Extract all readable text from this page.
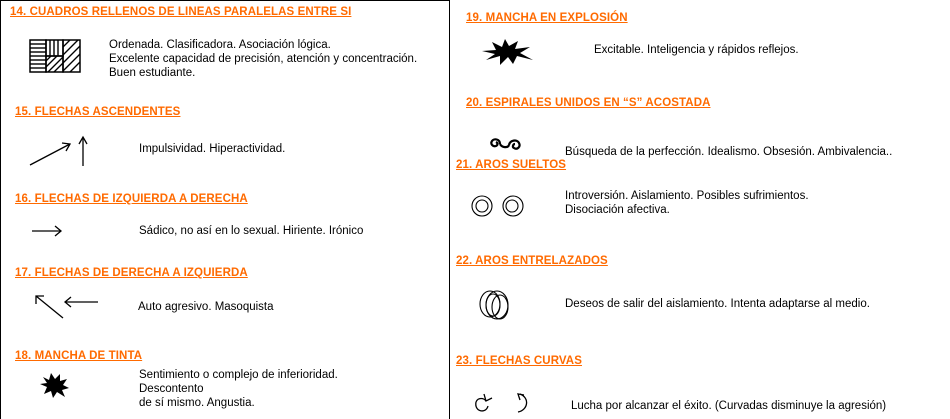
14. CUADROS RELLENOS DE LINEAS PARALELAS ENTRE SI

Ordenada. Clasificadora. Asociación lógica.

Excelente capacidad de precisión, atención y concentración.

Buen estudiante.

15. FLECHAS ASCENDENTES

Impulsividad. Hiperactividad.

16. FLECHAS DE IZQUIERDA A DERECHA

Sádico, no así en lo sexual. Hiriente. Irónico

17. FLECHAS DE DERECHA A IZQUIERDA

Auto agresivo. Masoquista

18. MANCHA DE TINTA

Sentimiento o complejo de inferioridad.

Descontento

de sí mismo. Angustia.

19. MANCHA EN EXPLOSIÓN

Excitable. Inteligencia y rápidos reflejos.

20. ESPIRALES UNIDOS EN “S” ACOSTADA

Búsqueda de la perfección. Idealismo. Obsesión. Ambivalencia..

21. AROS SUELTOS

Introversión. Aislamiento. Posibles sufrimientos.

Disociación afectiva.

22. AROS ENTRELAZADOS

Deseos de salir del aislamiento. Intenta adaptarse al medio.

23. FLECHAS CURVAS

Lucha por alcanzar el éxito. (Curvadas disminuye la agresión)
